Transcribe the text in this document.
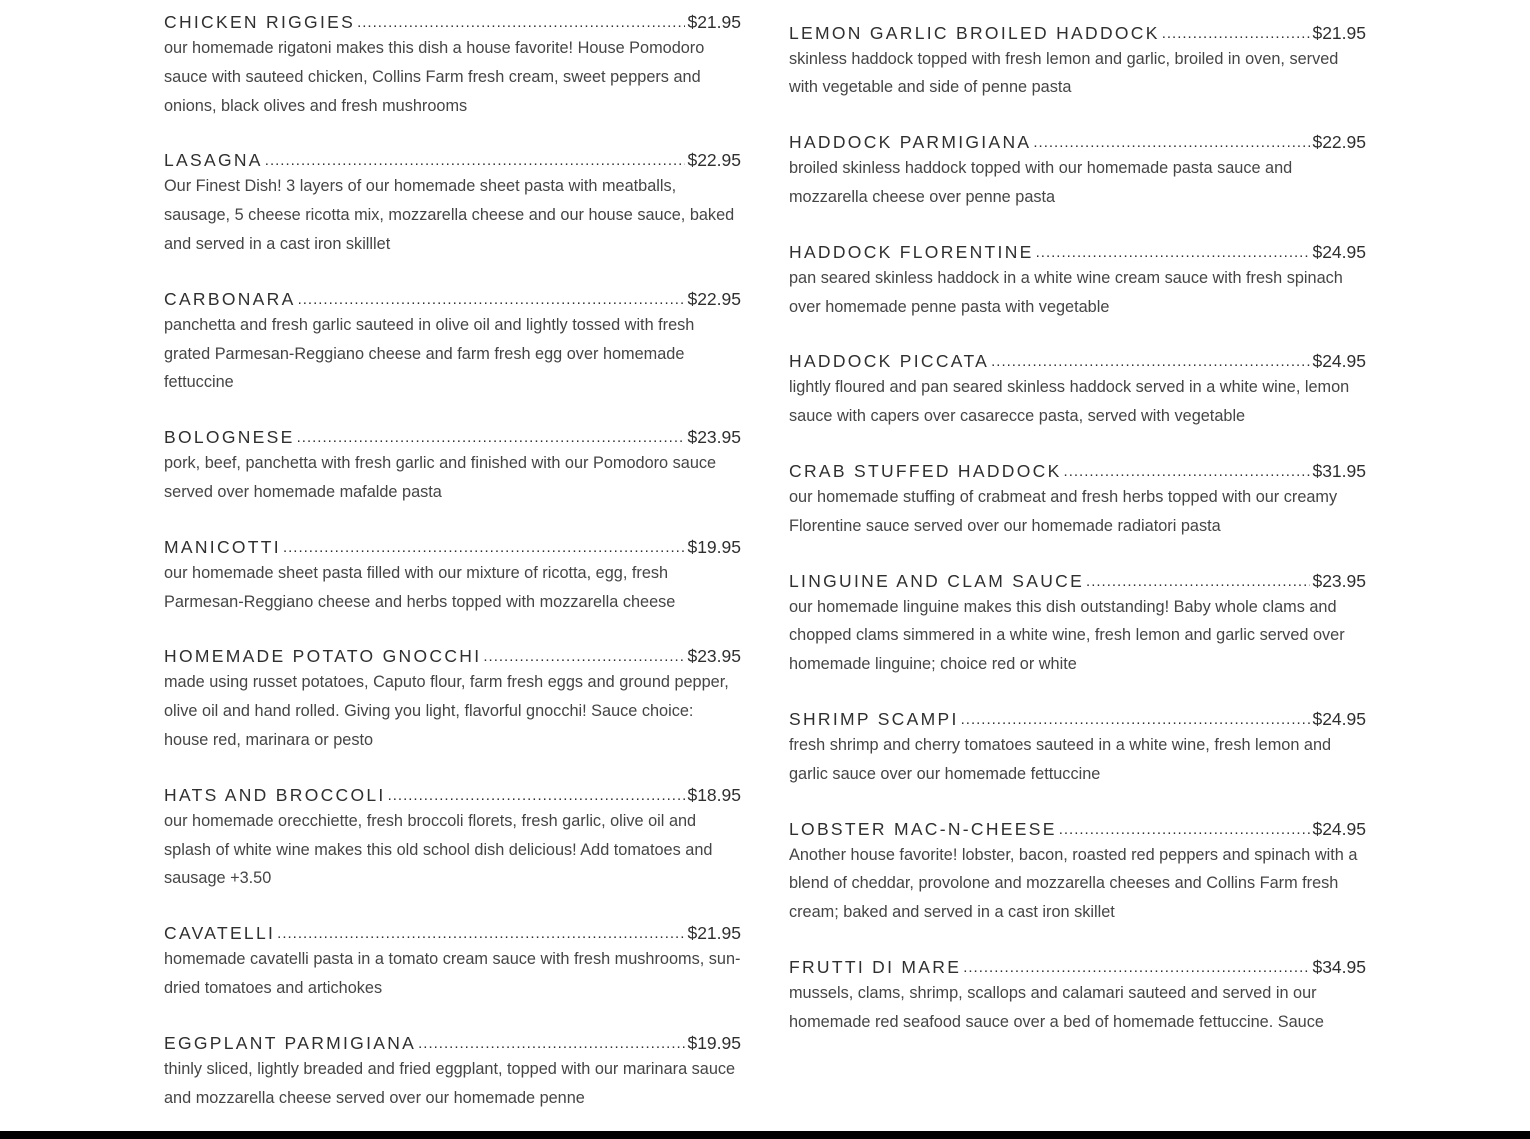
CHICKEN RIGGIES .....	$21.95
our homemade rigatoni makes this dish a house favorite! House Pomodoro sauce with sauteed chicken, Collins Farm fresh cream, sweet peppers and onions, black olives and fresh mushrooms
LASAGNA .....	$22.95
Our Finest Dish! 3 layers of our homemade sheet pasta with meatballs, sausage, 5 cheese ricotta mix, mozzarella cheese and our house sauce, baked and served in a cast iron skilllet
CARBONARA .....	$22.95
panchetta and fresh garlic sauteed in olive oil and lightly tossed with fresh grated Parmesan-Reggiano cheese and farm fresh egg over homemade fettuccine
BOLOGNESE .....	$23.95
pork, beef, panchetta with fresh garlic and finished with our Pomodoro sauce served over homemade mafalde pasta
MANICOTTI .....	$19.95
our homemade sheet pasta filled with our mixture of ricotta, egg, fresh Parmesan-Reggiano cheese and herbs topped with mozzarella cheese
HOMEMADE POTATO GNOCCHI .....	$23.95
made using russet potatoes, Caputo flour, farm fresh eggs and ground pepper, olive oil and hand rolled. Giving you light, flavorful gnocchi! Sauce choice: house red, marinara or pesto
HATS AND BROCCOLI .....	$18.95
our homemade orecchiette, fresh broccoli florets, fresh garlic, olive oil and splash of white wine makes this old school dish delicious! Add tomatoes and sausage +3.50
CAVATELLI .....	$21.95
homemade cavatelli pasta in a tomato cream sauce with fresh mushrooms, sun-dried tomatoes and artichokes
EGGPLANT PARMIGIANA .....	$19.95
thinly sliced, lightly breaded and fried eggplant, topped with our marinara sauce and mozzarella cheese served over our homemade penne
LEMON GARLIC BROILED HADDOCK .....	$21.95
skinless haddock topped with fresh lemon and garlic, broiled in oven, served with vegetable and side of penne pasta
HADDOCK PARMIGIANA .....	$22.95
broiled skinless haddock topped with our homemade pasta sauce and mozzarella cheese over penne pasta
HADDOCK FLORENTINE .....	$24.95
pan seared skinless haddock in a white wine cream sauce with fresh spinach over homemade penne pasta with vegetable
HADDOCK PICCATA .....	$24.95
lightly floured and pan seared skinless haddock served in a white wine, lemon sauce with capers over casarecce pasta, served with vegetable
CRAB STUFFED HADDOCK .....	$31.95
our homemade stuffing of crabmeat and fresh herbs topped with our creamy Florentine sauce served over our homemade radiatori pasta
LINGUINE AND CLAM SAUCE .....	$23.95
our homemade linguine makes this dish outstanding! Baby whole clams and chopped clams simmered in a white wine, fresh lemon and garlic served over homemade linguine; choice red or white
SHRIMP SCAMPI .....	$24.95
fresh shrimp and cherry tomatoes sauteed in a white wine, fresh lemon and garlic sauce over our homemade fettuccine
LOBSTER MAC-N-CHEESE .....	$24.95
Another house favorite! lobster, bacon, roasted red peppers and spinach with a blend of cheddar, provolone and mozzarella cheeses and Collins Farm fresh cream; baked and served in a cast iron skillet
FRUTTI DI MARE .....	$34.95
mussels, clams, shrimp, scallops and calamari sauteed and served in our homemade red seafood sauce over a bed of homemade fettuccine. Sauce
